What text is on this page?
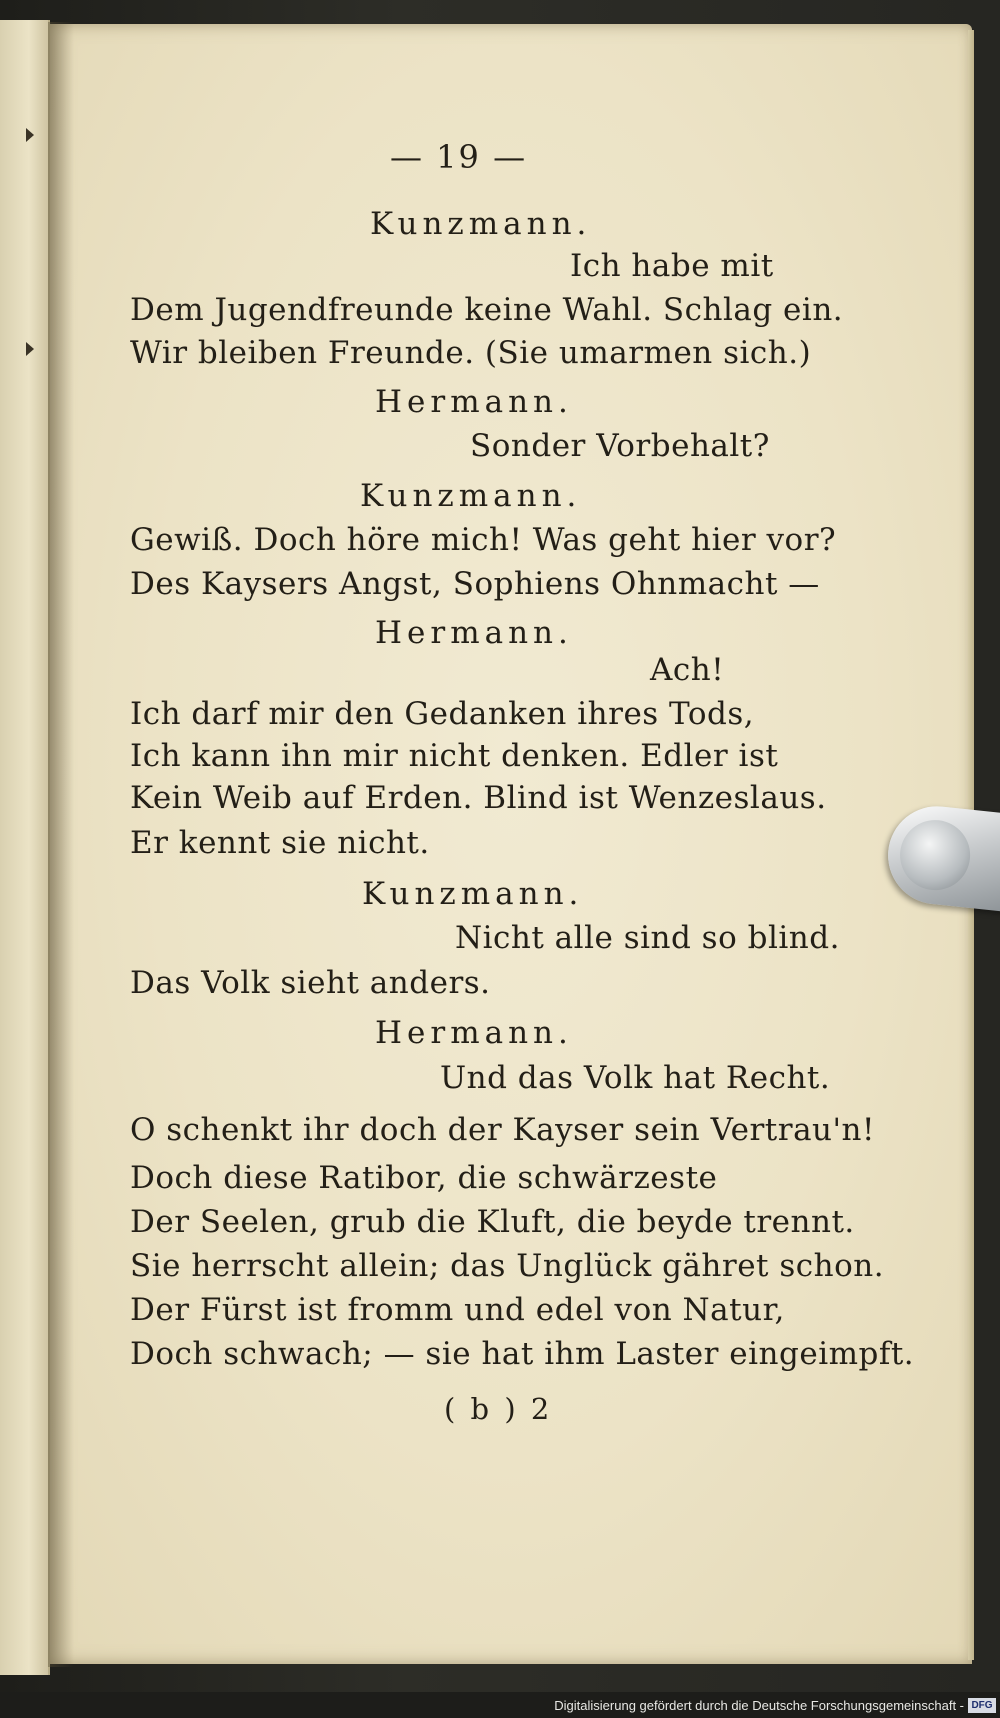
— 19 —
Kunzmann.
Ich habe mit
Dem Jugendfreunde keine Wahl. Schlag ein.
Wir bleiben Freunde. (Sie umarmen sich.)
Hermann.
Sonder Vorbehalt?
Kunzmann.
Gewiß. Doch höre mich! Was geht hier vor?
Des Kaysers Angst, Sophiens Ohnmacht —
Hermann.
Ach!
Ich darf mir den Gedanken ihres Tods,
Ich kann ihn mir nicht denken. Edler ist
Kein Weib auf Erden. Blind ist Wenzeslaus.
Er kennt sie nicht.
Kunzmann.
Nicht alle sind so blind.
Das Volk sieht anders.
Hermann.
Und das Volk hat Recht.
O schenkt ihr doch der Kayser sein Vertrau'n!
Doch diese Ratibor, die schwärzeste
Der Seelen, grub die Kluft, die beyde trennt.
Sie herrscht allein; das Unglück gähret schon.
Der Fürst ist fromm und edel von Natur,
Doch schwach; — sie hat ihm Laster eingeimpft.
( b ) 2
Digitalisierung gefördert durch die Deutsche Forschungsgemeinschaft - DFG
